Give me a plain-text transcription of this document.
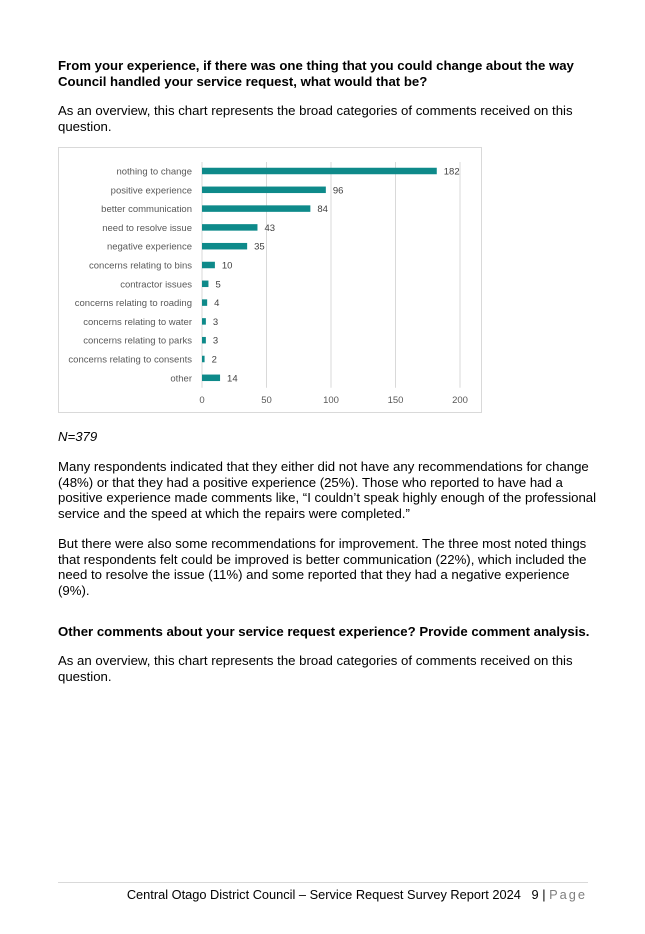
From your experience, if there was one thing that you could change about the way Council handled your service request, what would that be?

As an overview, this chart represents the broad categories of comments received on this question.

0	50	100	150	200
nothing to change	182
positive experience	96
better communication	84
need to resolve issue	43
negative experience	35
concerns relating to bins	10
contractor issues 5
concerns relating to roading 4
concerns relating to water 3
concerns relating to parks 3
concerns relating to consents 2
other	14

N=379

Many respondents indicated that they either did not have any recommendations for change (48%) or that they had a positive experience (25%). Those who reported to have had a positive experience made comments like, “I couldn’t speak highly enough of the professional service and the speed at which the repairs were completed.”

But there were also some recommendations for improvement. The three most noted things that respondents felt could be improved is better communication (22%), which included the need to resolve the issue (11%) and some reported that they had a negative experience (9%).

Other comments about your service request experience? Provide comment analysis.

As an overview, this chart represents the broad categories of comments received on this question.

Central Otago District Council – Service Request Survey Report 2024 9 | Page
